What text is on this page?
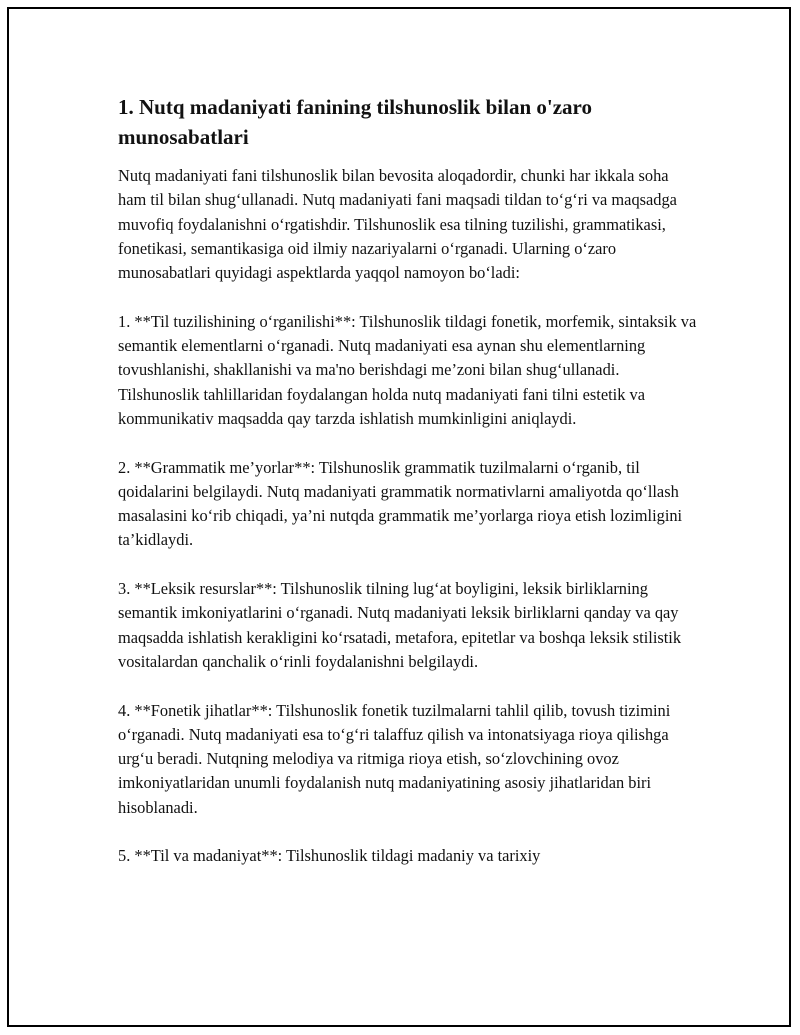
1. Nutq madaniyati fanining tilshunoslik bilan o'zaro munosabatlari

Nutq madaniyati fani tilshunoslik bilan bevosita aloqadordir, chunki har ikkala soha ham til bilan shug‘ullanadi. Nutq madaniyati fani maqsadi tildan to‘g‘ri va maqsadga muvofiq foydalanishni o‘rgatishdir. Tilshunoslik esa tilning tuzilishi, grammatikasi, fonetikasi, semantikasiga oid ilmiy nazariyalarni o‘rganadi. Ularning o‘zaro munosabatlari quyidagi aspektlarda yaqqol namoyon bo‘ladi:

1. **Til tuzilishining o‘rganilishi**: Tilshunoslik tildagi fonetik, morfemik, sintaksik va semantik elementlarni o‘rganadi. Nutq madaniyati esa aynan shu elementlarning tovushlanishi, shakllanishi va ma'no berishdagi me’zoni bilan shug‘ullanadi. Tilshunoslik tahlillaridan foydalangan holda nutq madaniyati fani tilni estetik va kommunikativ maqsadda qay tarzda ishlatish mumkinligini aniqlaydi.

2. **Grammatik me’yorlar**: Tilshunoslik grammatik tuzilmalarni o‘rganib, til qoidalarini belgilaydi. Nutq madaniyati grammatik normativlarni amaliyotda qo‘llash masalasini ko‘rib chiqadi, ya’ni nutqda grammatik me’yorlarga rioya etish lozimligini ta’kidlaydi.

3. **Leksik resurslar**: Tilshunoslik tilning lug‘at boyligini, leksik birliklarning semantik imkoniyatlarini o‘rganadi. Nutq madaniyati leksik birliklarni qanday va qay maqsadda ishlatish kerakligini ko‘rsatadi, metafora, epitetlar va boshqa leksik stilistik vositalardan qanchalik o‘rinli foydalanishni belgilaydi.

4. **Fonetik jihatlar**: Tilshunoslik fonetik tuzilmalarni tahlil qilib, tovush tizimini o‘rganadi. Nutq madaniyati esa to‘g‘ri talaffuz qilish va intonatsiyaga rioya qilishga urg‘u beradi. Nutqning melodiya va ritmiga rioya etish, so‘zlovchining ovoz imkoniyatlaridan unumli foydalanish nutq madaniyatining asosiy jihatlaridan biri hisoblanadi.

5. **Til va madaniyat**: Tilshunoslik tildagi madaniy va tarixiy
